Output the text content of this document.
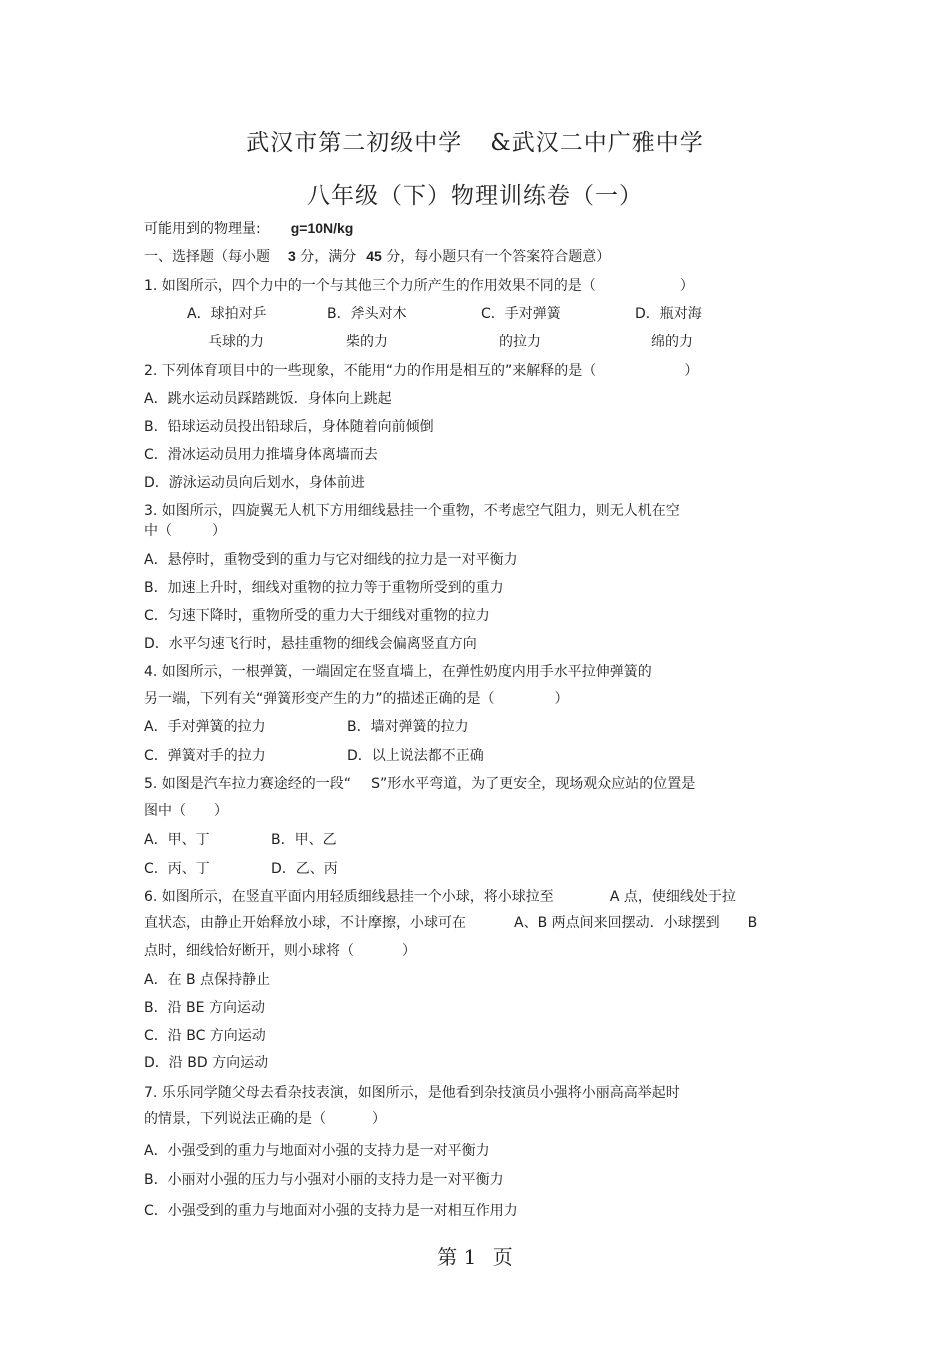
武汉市第二初级中学 &武汉二中广雅中学
八年级（下）物理训练卷（一）
可能用到的物理量: g=10N/kg
一、选择题（每小题 3 分，满分 45 分，每小题只有一个答案符合题意）
1. 如图所示，四个力中的一个与其他三个力所产生的作用效果不同的是（	）
A．球拍对乒
乓球的力
B．斧头对木
柴的力
C．手对弹簧
的拉力
D．瓶对海
绵的力
2. 下列体育项目中的一些现象，不能用“力的作用是相互的”来解释的是（	）
A．跳水运动员踩踏跳饭．身体向上跳起
B．铅球运动员投出铅球后，身体随着向前倾倒
C．滑冰运动员用力推墙身体离墙而去
D．游泳运动员向后划水，身体前进
3. 如图所示，四旋翼无人机下方用细线悬挂一个重物，不考虑空气阻力，则无人机在空
中（	）
A．悬停时，重物受到的重力与它对细线的拉力是一对平衡力
B．加速上升时，细线对重物的拉力等于重物所受到的重力
C．匀速下降时，重物所受的重力大于细线对重物的拉力
D．水平匀速飞行时，悬挂重物的细线会偏离竖直方向
4. 如图所示，一根弹簧，一端固定在竖直墙上，在弹性奶度内用手水平拉伸弹簧的
另一端，下列有关“弹簧形变产生的力”的描述正确的是（	）
A．手对弹簧的拉力	B．墙对弹簧的拉力
C．弹簧对手的拉力	D．以上说法都不正确
5. 如图是汽车拉力赛途经的一段“ S”形水平弯道，为了更安全，现场观众应站的位置是
图中（ ）
A．甲、丁	B．甲、乙
C．丙、丁	D．乙、丙
6. 如图所示，在竖直平面内用轻质细线悬挂一个小球，将小球拉至	A 点，使细线处于拉
直状态，由静止开始释放小球，不计摩擦，小球可在	A、B 两点间来回摆动．小球摆到 B
点时，细线恰好断开，则小球将（	）
A．在 B 点保持静止
B．沿 BE 方向运动
C．沿 BC 方向运动
D．沿 BD 方向运动
7. 乐乐同学随父母去看杂技表演，如图所示，是他看到杂技演员小强将小丽高高举起时
的情景，下列说法正确的是（	）
A．小强受到的重力与地面对小强的支持力是一对平衡力
B．小丽对小强的压力与小强对小丽的支持力是一对平衡力
C．小强受到的重力与地面对小强的支持力是一对相互作用力
第 1 页
